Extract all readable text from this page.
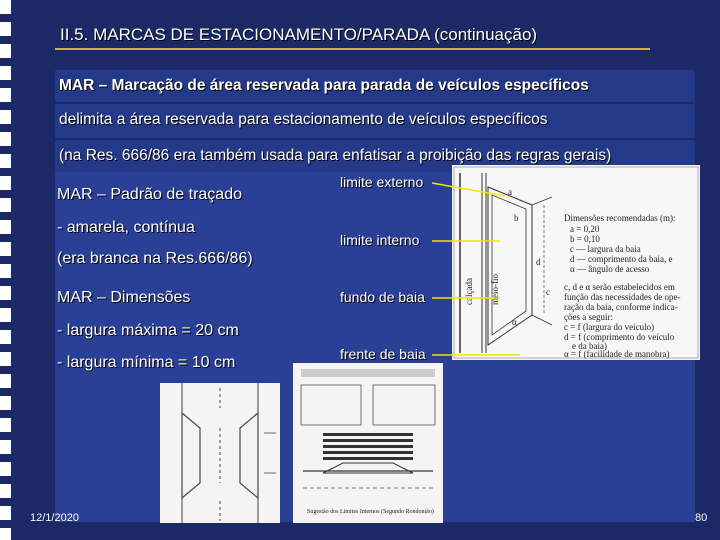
II.5. MARCAS DE ESTACIONAMENTO/PARADA (continuação)
MAR – Marcação de área reservada para parada de veículos específicos
delimita a área reservada para estacionamento de veículos específicos
(na Res. 666/86 era também usada para enfatisar a proibição das regras gerais)
MAR – Padrão de traçado
- amarela, contínua
(era branca na Res.666/86)
MAR – Dimensões
- largura máxima = 20 cm
- largura mínima = 10 cm
limite externo
limite interno
fundo de baia
frente de baia
calçada meio-fio
a
b
c
d
α
Dimensões recomendadas (m):
a = 0,20
b = 0,10
c — largura da baia
d — comprimento da baia, e
α — ângulo de acesso
c, d e α serão estabelecidos em
função das necessidades de ope-
ração da baia, conforme indica-
ções a seguir:
c = f (largura do veículo)
d = f (comprimento do veículo
e da baia)
α = f (facilidade de manobra)
Sugestão dos Limites Internos (Segundo Rondonião)
12/1/2020	80
